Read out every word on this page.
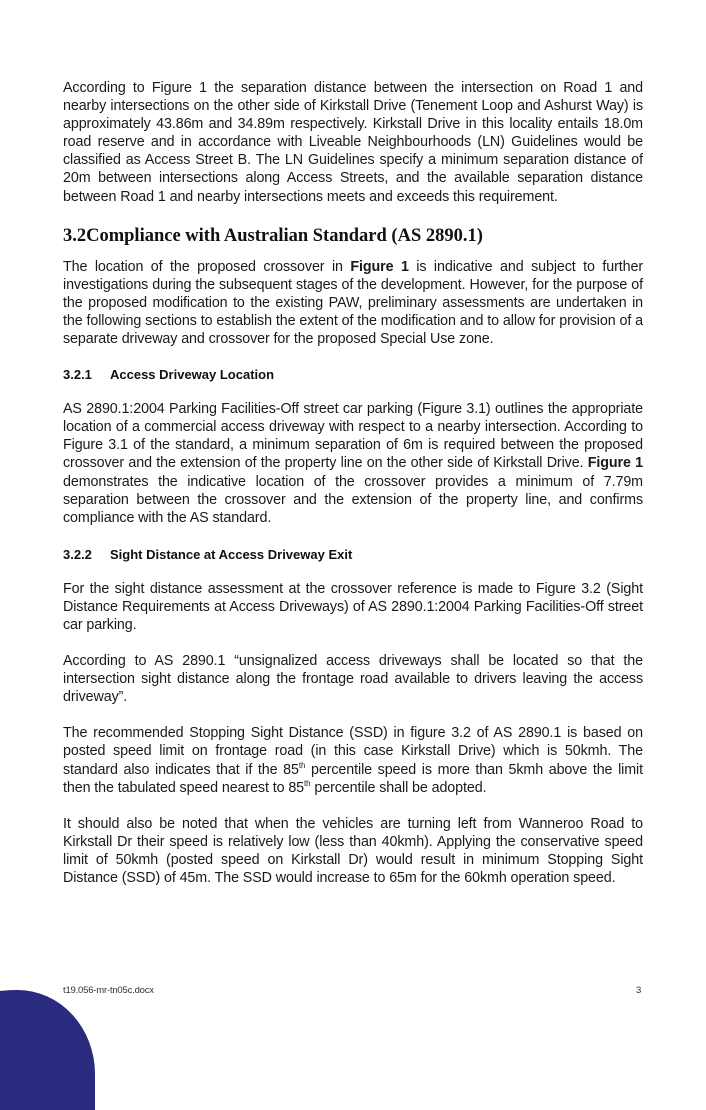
According to Figure 1 the separation distance between the intersection on Road 1 and nearby intersections on the other side of Kirkstall Drive (Tenement Loop and Ashurst Way) is approximately 43.86m and 34.89m respectively. Kirkstall Drive in this locality entails 18.0m road reserve and in accordance with Liveable Neighbourhoods (LN) Guidelines would be classified as Access Street B. The LN Guidelines specify a minimum separation distance of 20m between intersections along Access Streets, and the available separation distance between Road 1 and nearby intersections meets and exceeds this requirement.

3.2Compliance with Australian Standard (AS 2890.1)

The location of the proposed crossover in Figure 1 is indicative and subject to further investigations during the subsequent stages of the development. However, for the purpose of the proposed modification to the existing PAW, preliminary assessments are undertaken in the following sections to establish the extent of the modification and to allow for provision of a separate driveway and crossover for the proposed Special Use zone.

3.2.1 Access Driveway Location

AS 2890.1:2004 Parking Facilities-Off street car parking (Figure 3.1) outlines the appropriate location of a commercial access driveway with respect to a nearby intersection. According to Figure 3.1 of the standard, a minimum separation of 6m is required between the proposed crossover and the extension of the property line on the other side of Kirkstall Drive. Figure 1 demonstrates the indicative location of the crossover provides a minimum of 7.79m separation between the crossover and the extension of the property line, and confirms compliance with the AS standard.

3.2.2 Sight Distance at Access Driveway Exit

For the sight distance assessment at the crossover reference is made to Figure 3.2 (Sight Distance Requirements at Access Driveways) of AS 2890.1:2004 Parking Facilities-Off street car parking.

According to AS 2890.1 “unsignalized access driveways shall be located so that the intersection sight distance along the frontage road available to drivers leaving the access driveway”.

The recommended Stopping Sight Distance (SSD) in figure 3.2 of AS 2890.1 is based on posted speed limit on frontage road (in this case Kirkstall Drive) which is 50kmh. The standard also indicates that if the 85th percentile speed is more than 5kmh above the limit then the tabulated speed nearest to 85th percentile shall be adopted.

It should also be noted that when the vehicles are turning left from Wanneroo Road to Kirkstall Dr their speed is relatively low (less than 40kmh). Applying the conservative speed limit of 50kmh (posted speed on Kirkstall Dr) would result in minimum Stopping Sight Distance (SSD) of 45m. The SSD would increase to 65m for the 60kmh operation speed.

t19.056-mr-tn05c.docx	3
